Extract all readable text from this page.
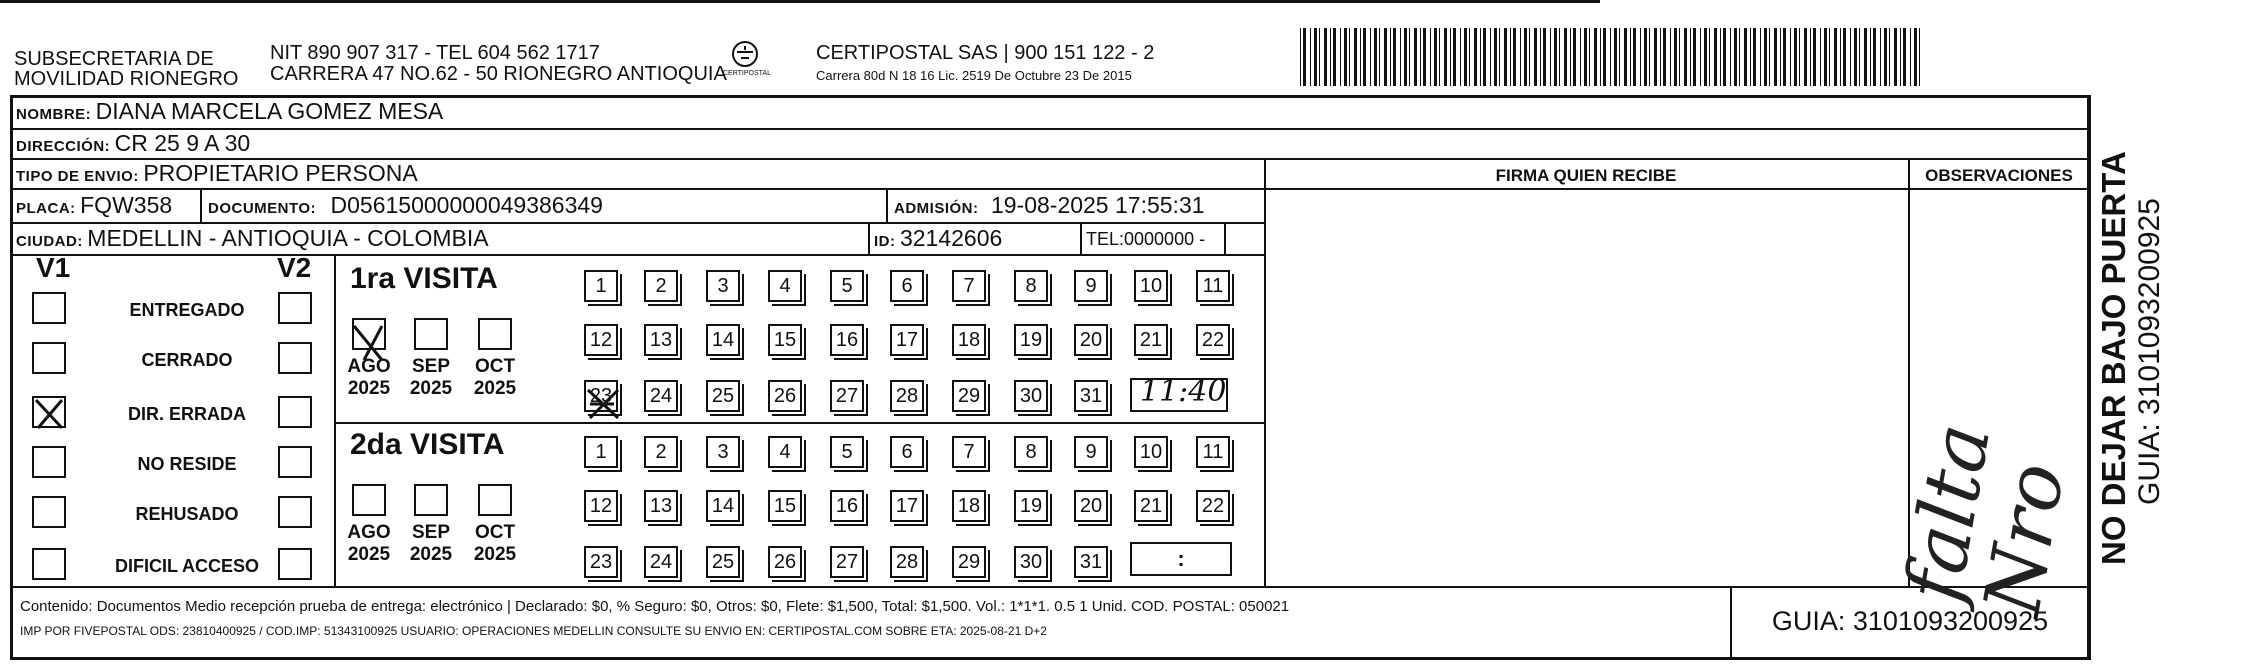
SUBSECRETARIA DE
MOVILIDAD RIONEGRO
NIT 890 907 317 - TEL 604 562 1717
CARRERA 47 NO.62 - 50 RIONEGRO ANTIOQUIA
CERTIPOSTAL
CERTIPOSTAL SAS | 900 151 122 - 2
Carrera 80d N 18 16 Lic. 2519 De Octubre 23 De 2015
NOMBRE: DIANA MARCELA GOMEZ MESA
DIRECCIÓN: CR 25 9 A 30
TIPO DE ENVIO: PROPIETARIO PERSONA	FIRMA QUIEN RECIBE	OBSERVACIONES
PLACA: FQW358 DOCUMENTO: D05615000000049386349	ADMISIÓN: 19-08-2025 17:55:31
CIUDAD: MEDELLIN - ANTIOQUIA - COLOMBIA	ID: 32142606	TEL:0000000 -
V1	V2
ENTREGADO
CERRADO
DIR. ERRADA
NO RESIDE
REHUSADO
DIFICIL ACCESO
1ra VISITA
AGO
2025
SEP
2025
OCT
2025
1	2	3	4	5	6	7	8	9	10	11
12 13 14 15 16 17 18 19 20 21 22
23 24 25 26 27 28 29 30 31
2da VISITA
AGO
2025
SEP
2025
OCT
2025
1	2	3	4	5	6	7	8	9	10	11
12 13 14 15 16 17 18 19 20 21 22
23 24 25 26 27 28 29 30 31
11:40
:	falta Nro NO DEJAR BAJO PUERTA GUIA: 3101093200925
Contenido: Documentos Medio recepción prueba de entrega: electrónico | Declarado: $0, % Seguro: $0, Otros: $0, Flete: $1,500, Total: $1,500. Vol.: 1*1*1. 0.5 1 Unid. COD. POSTAL: 050021
IMP POR FIVEPOSTAL ODS: 23810400925 / COD.IMP: 51343100925 USUARIO: OPERACIONES MEDELLIN CONSULTE SU ENVIO EN: CERTIPOSTAL.COM SOBRE ETA: 2025-08-21 D+2	GUIA: 3101093200925
